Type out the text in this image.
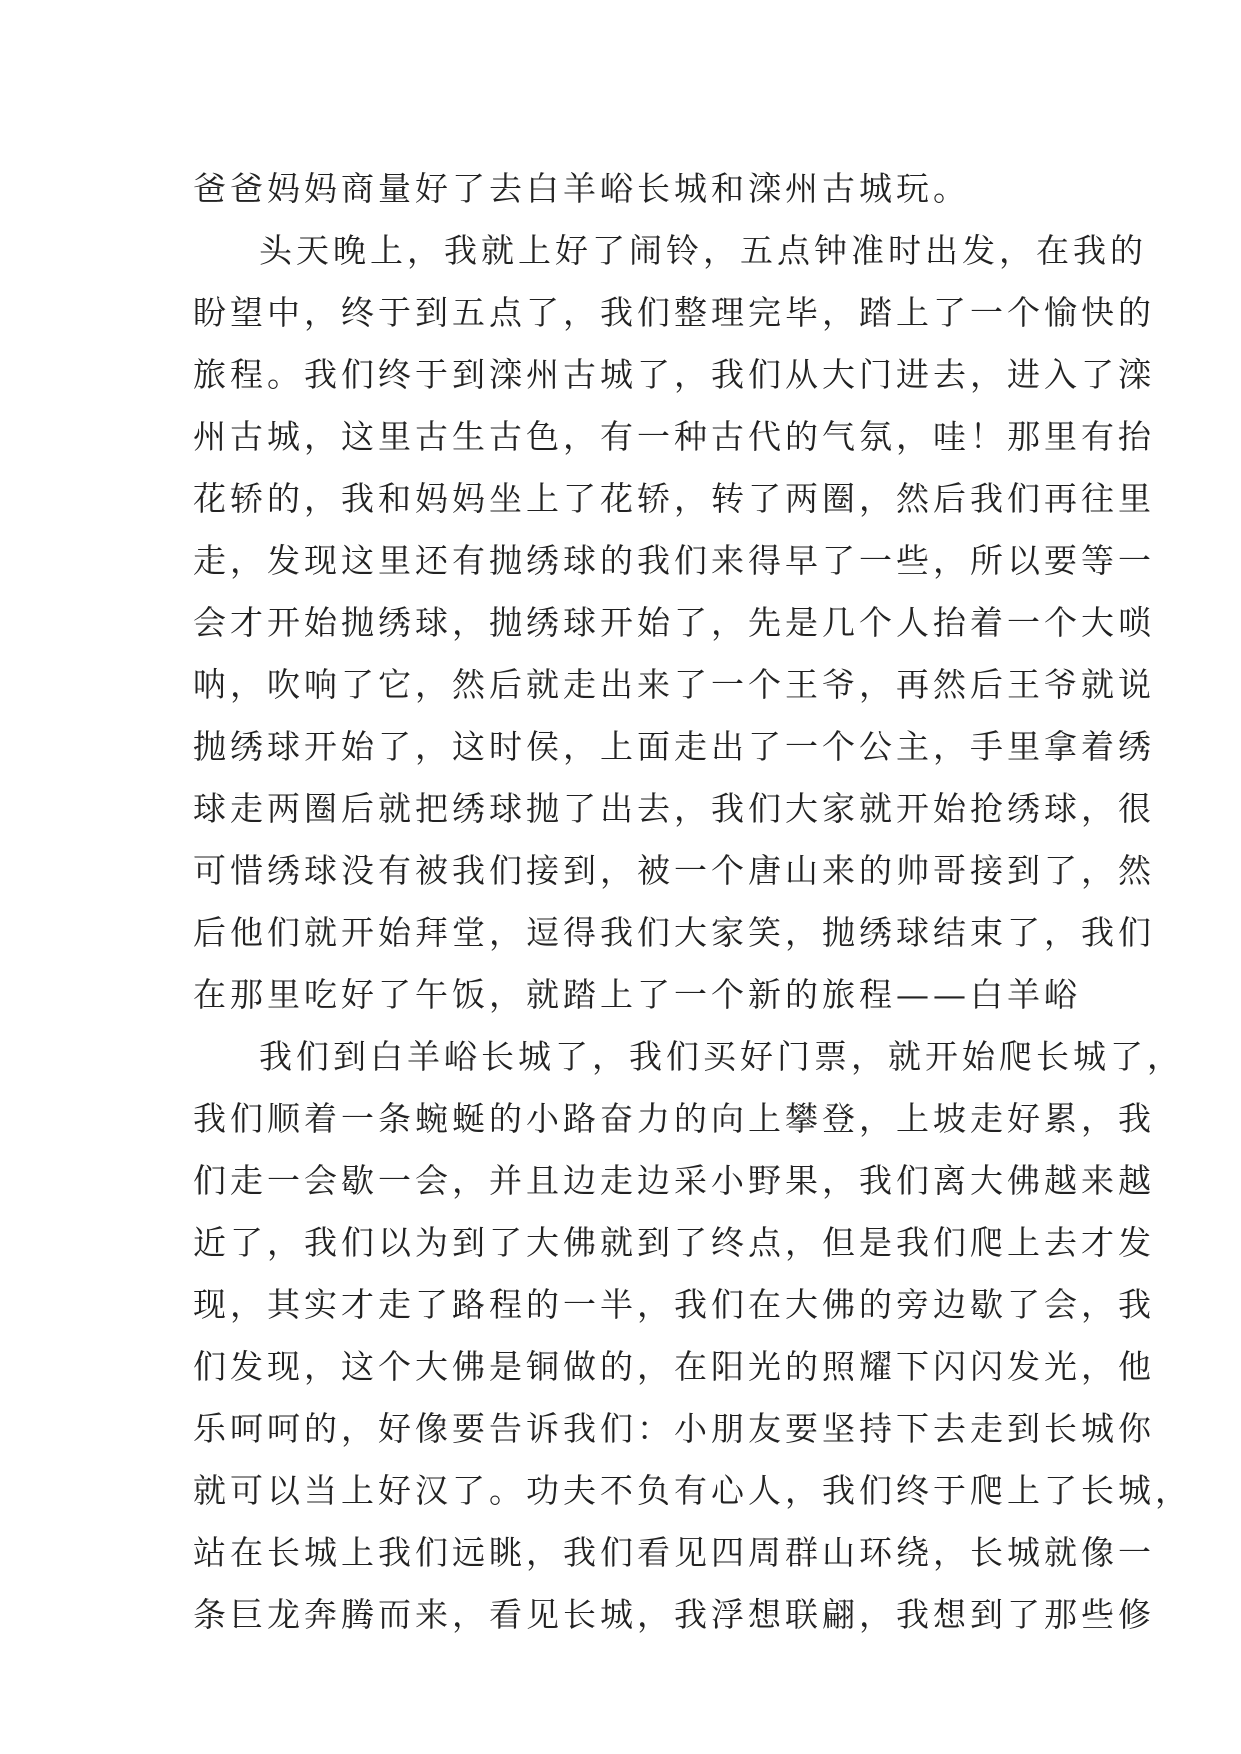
爸爸妈妈商量好了去白羊峪长城和滦州古城玩。
头天晚上，我就上好了闹铃，五点钟准时出发，在我的
盼望中，终于到五点了，我们整理完毕，踏上了一个愉快的
旅程。我们终于到滦州古城了，我们从大门进去，进入了滦
州古城，这里古生古色，有一种古代的气氛，哇！那里有抬
花轿的，我和妈妈坐上了花轿，转了两圈，然后我们再往里
走，发现这里还有抛绣球的我们来得早了一些，所以要等一
会才开始抛绣球，抛绣球开始了，先是几个人抬着一个大唢
呐，吹响了它，然后就走出来了一个王爷，再然后王爷就说
抛绣球开始了，这时侯，上面走出了一个公主，手里拿着绣
球走两圈后就把绣球抛了出去，我们大家就开始抢绣球，很
可惜绣球没有被我们接到，被一个唐山来的帅哥接到了，然
后他们就开始拜堂，逗得我们大家笑，抛绣球结束了，我们
在那里吃好了午饭，就踏上了一个新的旅程——白羊峪
我们到白羊峪长城了，我们买好门票，就开始爬长城了，
我们顺着一条蜿蜒的小路奋力的向上攀登，上坡走好累，我
们走一会歇一会，并且边走边采小野果，我们离大佛越来越
近了，我们以为到了大佛就到了终点，但是我们爬上去才发
现，其实才走了路程的一半，我们在大佛的旁边歇了会，我
们发现，这个大佛是铜做的，在阳光的照耀下闪闪发光，他
乐呵呵的，好像要告诉我们：小朋友要坚持下去走到长城你
就可以当上好汉了。功夫不负有心人，我们终于爬上了长城，
站在长城上我们远眺，我们看见四周群山环绕，长城就像一
条巨龙奔腾而来，看见长城，我浮想联翩，我想到了那些修
